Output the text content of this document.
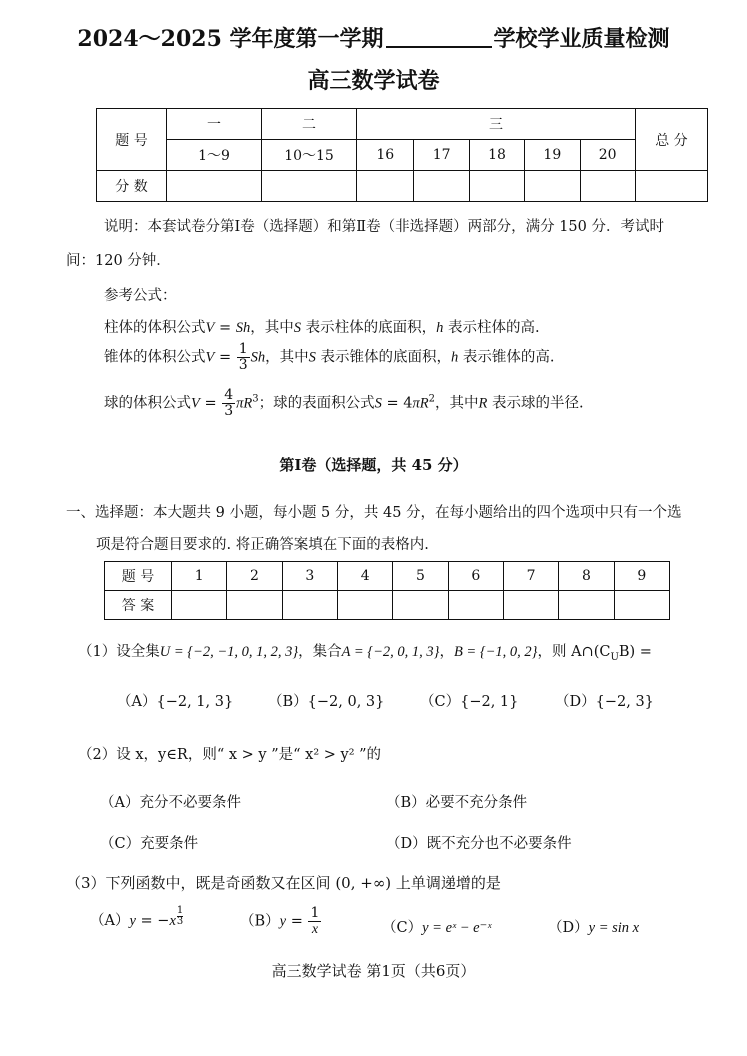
2024～2025 学年度第一学期	学校学业质量检测
高三数学试卷
题 号	一	二	三					总 分
	1～9	10～15	16	17	18	19	20	
分 数								
说明：本套试卷分第Ⅰ卷（选择题）和第Ⅱ卷（非选择题）两部分，满分 150 分．考试时
间：120 分钟．
参考公式：
柱体的体积公式V = Sh，其中S 表示柱体的底面积，h 表示柱体的高.
锥体的体积公式$V = \frac{1}{3}$ Sh，其中S 表示锥体的底面积，h 表示锥体的高.
球的体积公式$V = \frac{4}{3} \pi R^3$；球的表面积公式$S = 4\pi R^2$，其中R 表示球的半径.
第Ⅰ卷（选择题，共 45 分）
一、选择题：本大题共 9 小题，每小题 5 分，共 45 分，在每小题给出的四个选项中只有一个选
项是符合题目要求的. 将正确答案填在下面的表格内.
题 号	1	2	3	4	5	6	7	8	9
答 案									
（1）设全集U = {−2, −1, 0, 1, 2, 3}，集合A = {−2, 0, 1, 3}，B = {−1, 0, 2}，则 $A\cap(C_UB)$ =
（A）{−2, 1, 3} （B）{−2, 0, 3} （C）{−2, 1}	（D）{−2, 3}
（2）设 x，y∈R，则“ x > y ”是“ x² > y² ”的
（A）充分不必要条件	（B）必要不充分条件
（C）充要条件	（D）既不充分也不必要条件
（3）下列函数中，既是奇函数又在区间 (0, +∞) 上单调递增的是
$(A)y = -x \frac{1}{3}$	$(B)y = \frac{1}{x}$	（C）y = eˣ − e⁻ˣ	（D）y = sin x
高三数学试卷 第1页（共6页）
